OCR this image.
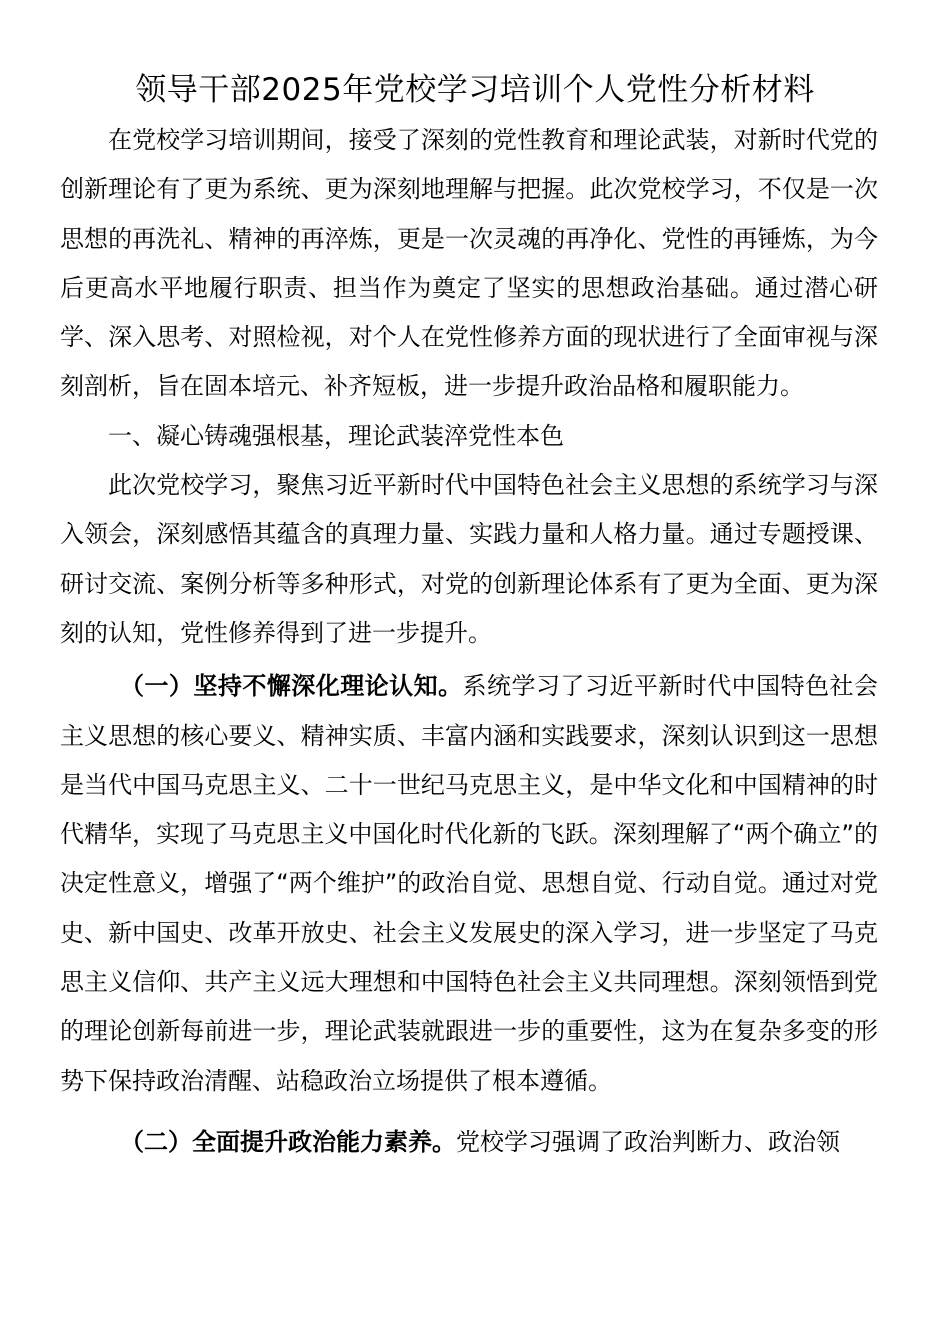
领导干部2025年党校学习培训个人党性分析材料

在党校学习培训期间，接受了深刻的党性教育和理论武装，对新时代党的创新理论有了更为系统、更为深刻地理解与把握。此次党校学习，不仅是一次思想的再洗礼、精神的再淬炼，更是一次灵魂的再净化、党性的再锤炼，为今后更高水平地履行职责、担当作为奠定了坚实的思想政治基础。通过潜心研学、深入思考、对照检视，对个人在党性修养方面的现状进行了全面审视与深刻剖析，旨在固本培元、补齐短板，进一步提升政治品格和履职能力。

一、凝心铸魂强根基，理论武装淬党性本色

此次党校学习，聚焦习近平新时代中国特色社会主义思想的系统学习与深入领会，深刻感悟其蕴含的真理力量、实践力量和人格力量。通过专题授课、研讨交流、案例分析等多种形式，对党的创新理论体系有了更为全面、更为深刻的认知，党性修养得到了进一步提升。

（一）坚持不懈深化理论认知。系统学习了习近平新时代中国特色社会主义思想的核心要义、精神实质、丰富内涵和实践要求，深刻认识到这一思想是当代中国马克思主义、二十一世纪马克思主义，是中华文化和中国精神的时代精华，实现了马克思主义中国化时代化新的飞跃。深刻理解了“两个确立”的决定性意义，增强了“两个维护”的政治自觉、思想自觉、行动自觉。通过对党史、新中国史、改革开放史、社会主义发展史的深入学习，进一步坚定了马克思主义信仰、共产主义远大理想和中国特色社会主义共同理想。深刻领悟到党的理论创新每前进一步，理论武装就跟进一步的重要性，这为在复杂多变的形势下保持政治清醒、站稳政治立场提供了根本遵循。

（二）全面提升政治能力素养。党校学习强调了政治判断力、政治领
